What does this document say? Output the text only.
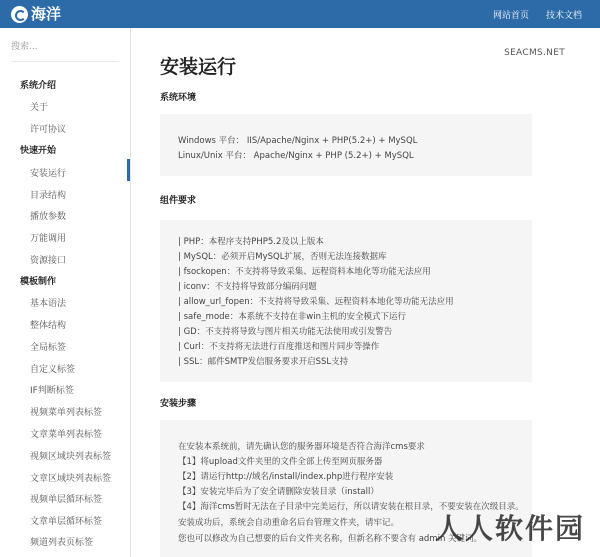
海洋	网站首页 技术文档
搜索...
系统介绍
关于
许可协议
快速开始
安装运行
目录结构
播放参数
万能调用
资源接口
模板制作
基本语法
整体结构
全局标签
自定义标签
IF判断标签
视频菜单列表标签
文章菜单列表标签
视频区域块列表标签
文章区域块列表标签
视频单层循环标签
文章单层循环标签
频道列表页标签
SEACMS.NET
安装运行
系统环境
Windows 平台： IIS/Apache/Nginx + PHP(5.2+) + MySQL
Linux/Unix 平台： Apache/Nginx + PHP (5.2+) + MySQL
组件要求
| PHP：本程序支持PHP5.2及以上版本
| MySQL：必须开启MySQL扩展，否则无法连接数据库
| fsockopen：不支持将导致采集、远程资料本地化等功能无法应用
| iconv：不支持将导致部分编码问题
| allow_url_fopen：不支持将导致采集、远程资料本地化等功能无法应用
| safe_mode：本系统不支持在非win主机的安全模式下运行
| GD：不支持将导致与图片相关功能无法使用或引发警告
| Curl：不支持将无法进行百度推送和图片同步等操作
| SSL：邮件SMTP发信服务要求开启SSL支持
安装步骤
在安装本系统前，请先确认您的服务器环境是否符合海洋cms要求
【1】将upload文件夹里的文件全部上传至网页服务器
【2】请运行http://域名/install/index.php进行程序安装
【3】安装完毕后为了安全请删除安装目录（install）
【4】海洋cms暂时无法在子目录中完美运行，所以请安装在根目录，不要安装在次级目录。
安装成功后，系统会自动重命名后台管理文件夹，请牢记。
您也可以修改为自己想要的后台文件夹名称，但新名称不要含有 admin 关键词。
人人软件园
